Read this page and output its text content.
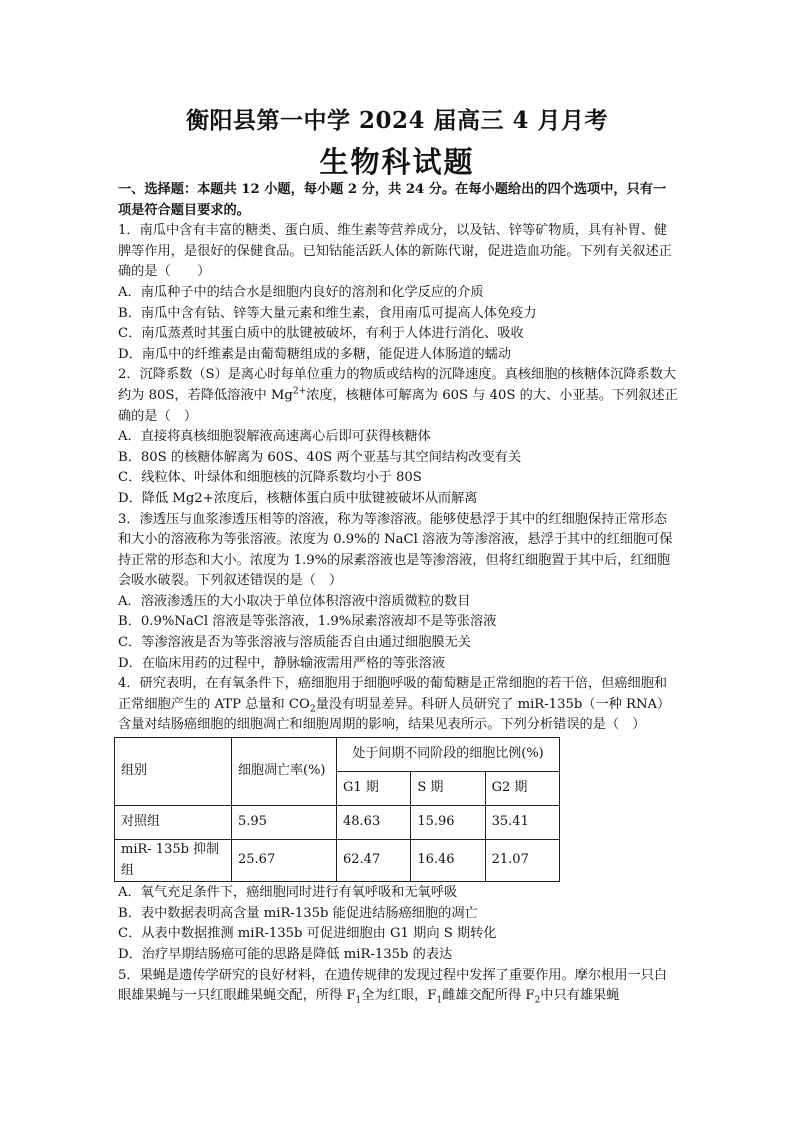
衡阳县第一中学 2024 届高三 4 月月考
生物科试题

一、选择题：本题共 12 小题，每小题 2 分，共 24 分。在每小题给出的四个选项中，只有一项是符合题目要求的。

1．南瓜中含有丰富的糖类、蛋白质、维生素等营养成分，以及钴、锌等矿物质，具有补胃、健脾等作用，是很好的保健食品。已知钴能活跃人体的新陈代谢，促进造血功能。下列有关叙述正确的是（　　）

A．南瓜种子中的结合水是细胞内良好的溶剂和化学反应的介质

B．南瓜中含有钴、锌等大量元素和维生素，食用南瓜可提高人体免疫力

C．南瓜蒸煮时其蛋白质中的肽键被破坏，有利于人体进行消化、吸收

D．南瓜中的纤维素是由葡萄糖组成的多糖，能促进人体肠道的蠕动

2．沉降系数（S）是离心时每单位重力的物质或结构的沉降速度。真核细胞的核糖体沉降系数大约为 80S，若降低溶液中 $Mg^{2+}$浓度，核糖体可解离为 60S 与 40S 的大、小亚基。下列叙述正确的是（　）

A．直接将真核细胞裂解液高速离心后即可获得核糖体

B．80S 的核糖体解离为 60S、40S 两个亚基与其空间结构改变有关

C．线粒体、叶绿体和细胞核的沉降系数均小于 80S

D．降低 Mg2+浓度后，核糖体蛋白质中肽键被破坏从而解离

3．渗透压与血浆渗透压相等的溶液，称为等渗溶液。能够使悬浮于其中的红细胞保持正常形态和大小的溶液称为等张溶液。浓度为 0.9%的 NaCl 溶液为等渗溶液，悬浮于其中的红细胞可保持正常的形态和大小。浓度为 1.9%的尿素溶液也是等渗溶液，但将红细胞置于其中后，红细胞会吸水破裂。下列叙述错误的是（　）

A．溶液渗透压的大小取决于单位体积溶液中溶质微粒的数目

B．0.9%NaCl 溶液是等张溶液，1.9%尿素溶液却不是等张溶液

C．等渗溶液是否为等张溶液与溶质能否自由通过细胞膜无关

D．在临床用药的过程中，静脉输液需用严格的等张溶液

4．研究表明，在有氧条件下，癌细胞用于细胞呼吸的葡萄糖是正常细胞的若干倍，但癌细胞和正常细胞产生的 ATP 总量和 $CO_2$量没有明显差异。科研人员研究了 miR-135b（一种 RNA）含量对结肠癌细胞的细胞凋亡和细胞周期的影响，结果见表所示。下列分析错误的是（　）

组别	细胞凋亡率(%)	处于间期不同阶段的细胞比例(%)		
		G1 期	S 期	G2 期
对照组	5.95	48.63	15.96	35.41
miR- 135b 抑制组	25.67	62.47	16.46	21.07

A．氧气充足条件下，癌细胞同时进行有氧呼吸和无氧呼吸

B．表中数据表明高含量 miR-135b 能促进结肠癌细胞的凋亡

C．从表中数据推测 miR-135b 可促进细胞由 G1 期向 S 期转化

D．治疗早期结肠癌可能的思路是降低 miR-135b 的表达

5．果蝇是遗传学研究的良好材料，在遗传规律的发现过程中发挥了重要作用。摩尔根用一只白眼雄果蝇与一只红眼雌果蝇交配，所得 $F_1$全为红眼，$F_1$雌雄交配所得 $F_2$中只有雄果蝇
